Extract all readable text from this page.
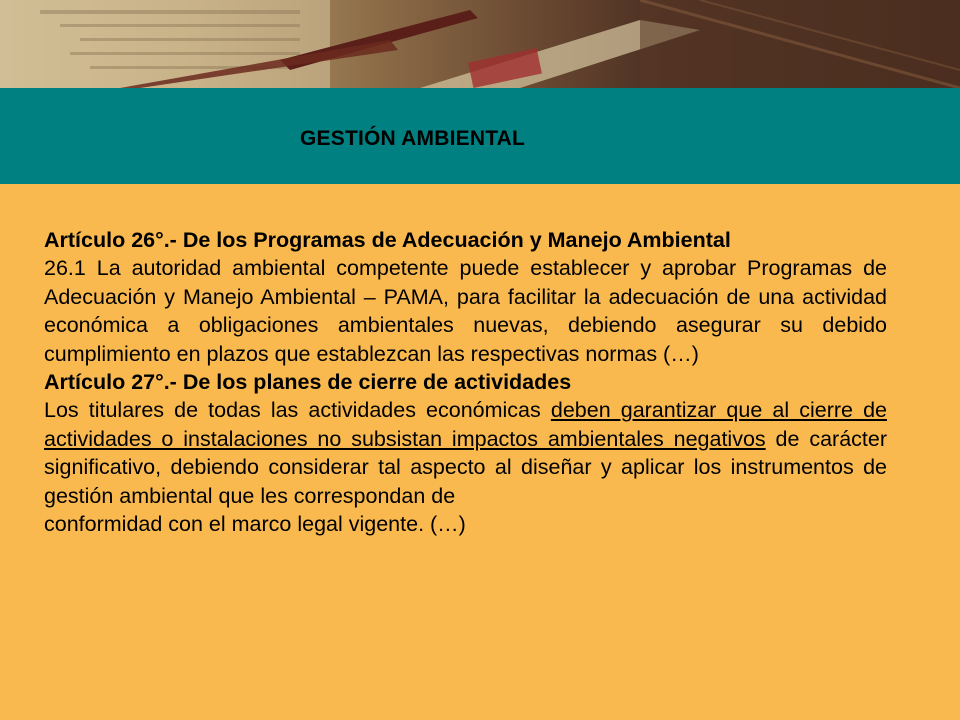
GESTIÓN AMBIENTAL

Artículo 26°.- De los Programas de Adecuación y Manejo Ambiental

26.1 La autoridad ambiental competente puede establecer y aprobar Programas de Adecuación y Manejo Ambiental – PAMA, para facilitar la adecuación de una actividad económica a obligaciones ambientales nuevas, debiendo asegurar su debido cumplimiento en plazos que establezcan las respectivas normas (…)

Artículo 27°.- De los planes de cierre de actividades

Los titulares de todas las actividades económicas deben garantizar que al cierre de actividades o instalaciones no subsistan impactos ambientales negativos de carácter significativo, debiendo considerar tal aspecto al diseñar y aplicar los instrumentos de gestión ambiental que les correspondan de

conformidad con el marco legal vigente. (…)
